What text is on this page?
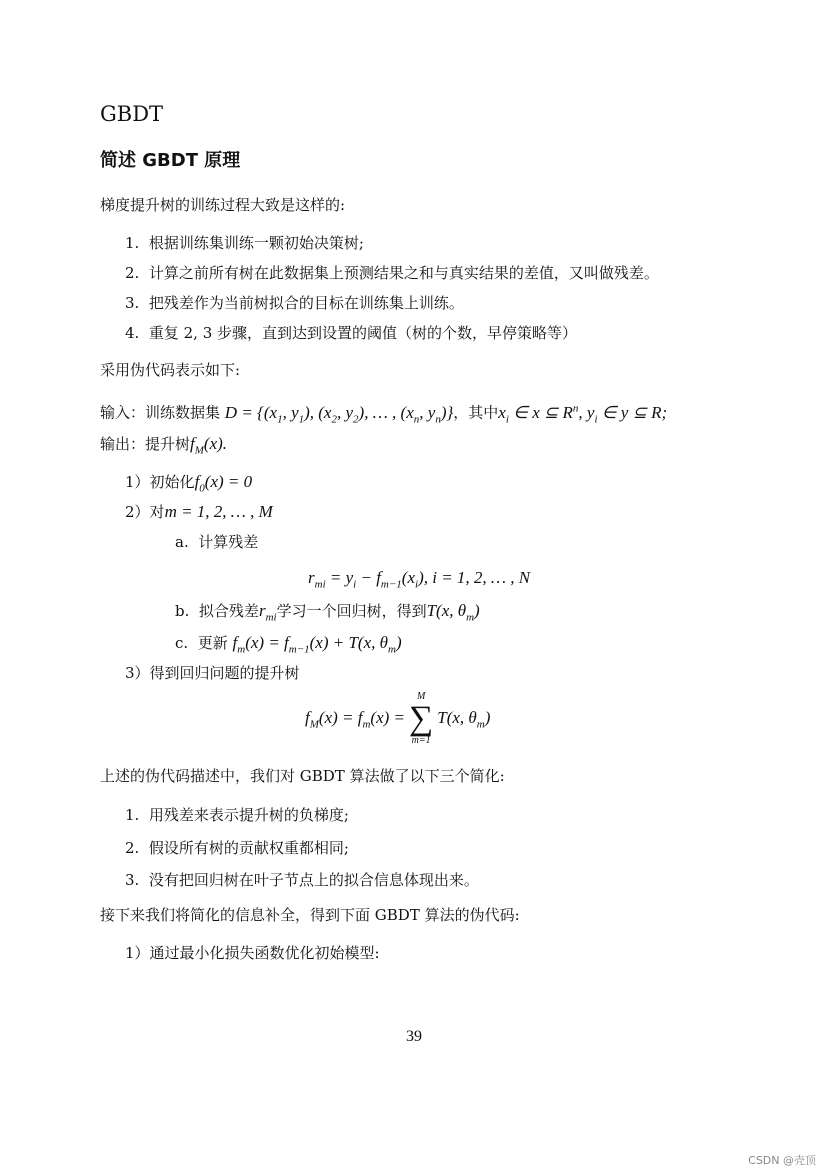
GBDT
简述 GBDT 原理
梯度提升树的训练过程大致是这样的:
1. 根据训练集训练一颗初始决策树;
2. 计算之前所有树在此数据集上预测结果之和与真实结果的差值，又叫做残差。
3. 把残差作为当前树拟合的目标在训练集上训练。
4. 重复 2, 3 步骤，直到达到设置的阈值（树的个数，早停策略等）
采用伪代码表示如下:
输入：训练数据集 $D = \{(x_1$, $y_1$), ($x_2$, $y_2$), … , ($x_n$, $y_n$)}，其中$x_i$ ∈ x ⊆ $R^n$, $y_i$ ∈ y ⊆ R;
输出：提升树$f_M(x)$.
1）初始化$f_0(x) = 0$
2）对m = 1, 2, … , M
a. 计算残差
$r_{mi} = y_i - f_{m-1}(x_i)$, i = 1, 2, … , N
b. 拟合残差$r_{mi}$学习一个回归树，得到T(x, $\theta_m$)
c. 更新 $f_m(x) = f_{m-1}(x) + T(x$, $\theta_m$)
3）得到回归问题的提升树
$f_M(x) = f_m(x)$ =
M
∑
m=1
T(x, $\theta_m$)
上述的伪代码描述中，我们对 GBDT 算法做了以下三个简化:
1. 用残差来表示提升树的负梯度;
2. 假设所有树的贡献权重都相同;
3. 没有把回归树在叶子节点上的拟合信息体现出来。
接下来我们将简化的信息补全，得到下面 GBDT 算法的伪代码:
1）通过最小化损失函数优化初始模型:
39
CSDN @壳顶
